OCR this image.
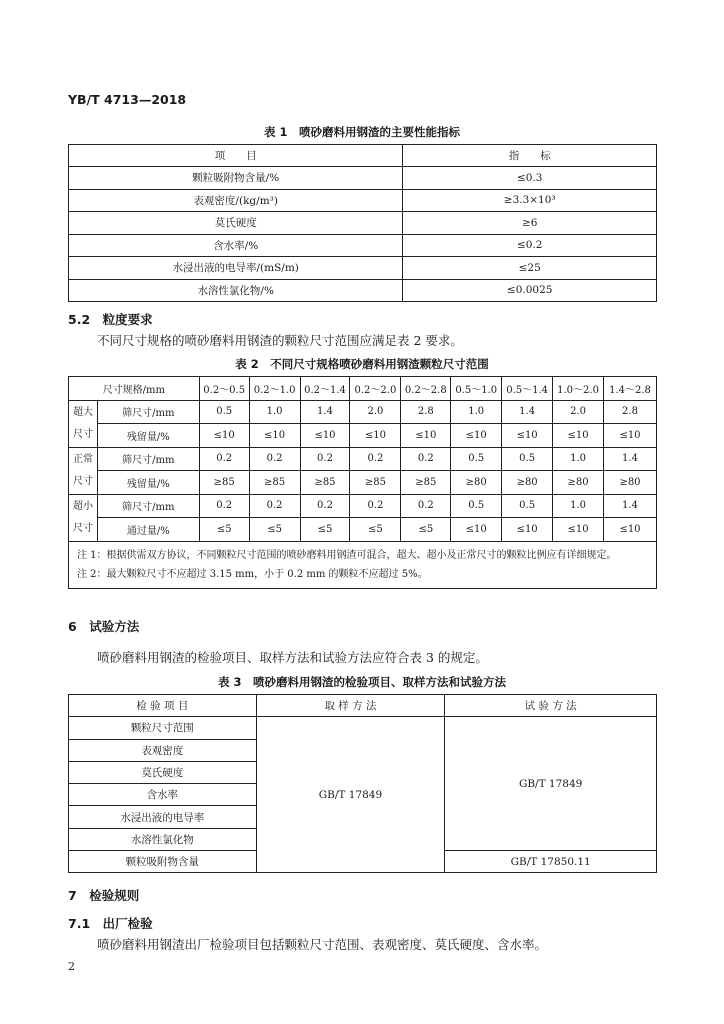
YB/T 4713—2018
表 1　喷砂磨料用钢渣的主要性能指标
项　　目	指　　标
颗粒吸附物含量/%	≤0.3
表观密度/(kg/m³)	≥3.3×10³
莫氏硬度	≥6
含水率/%	≤0.2
水浸出液的电导率/(mS/m)	≤25
水溶性氯化物/%	≤0.0025
5.2　粒度要求
不同尺寸规格的喷砂磨料用钢渣的颗粒尺寸范围应满足表 2 要求。
表 2　不同尺寸规格喷砂磨料用钢渣颗粒尺寸范围
尺寸规格/mm		0.2～0.5	0.2～1.0	0.2～1.4	0.2～2.0	0.2～2.8	0.5～1.0	0.5～1.4	1.0～2.0	1.4～2.8
超大尺寸	筛尺寸/mm	0.5	1.0	1.4	2.0	2.8	1.0	1.4	2.0	2.8
	残留量/%	≤10	≤10	≤10	≤10	≤10	≤10	≤10	≤10	≤10
正常尺寸	筛尺寸/mm	0.2	0.2	0.2	0.2	0.2	0.5	0.5	1.0	1.4
	残留量/%	≥85	≥85	≥85	≥85	≥85	≥80	≥80	≥80	≥80
超小尺寸	筛尺寸/mm	0.2	0.2	0.2	0.2	0.2	0.5	0.5	1.0	1.4
	通过量/%	≤5	≤5	≤5	≤5	≤5	≤10	≤10	≤10	≤10

注 1：根据供需双方协议，不同颗粒尺寸范围的喷砂磨料用钢渣可混合，超大、超小及正常尺寸的颗粒比例应有详细规定。
注 2：最大颗粒尺寸不应超过 3.15 mm，小于 0.2 mm 的颗粒不应超过 5%。										
6　试验方法
喷砂磨料用钢渣的检验项目、取样方法和试验方法应符合表 3 的规定。
表 3　喷砂磨料用钢渣的检验项目、取样方法和试验方法
检 验 项 目	取 样 方 法	试 验 方 法
颗粒尺寸范围	GB/T 17849	GB/T 17849
表观密度		
莫氏硬度		
含水率		
水浸出液的电导率		
水溶性氯化物		
颗粒吸附物含量		GB/T 17850.11
7　检验规则
7.1　出厂检验
喷砂磨料用钢渣出厂检验项目包括颗粒尺寸范围、表观密度、莫氏硬度、含水率。
2
